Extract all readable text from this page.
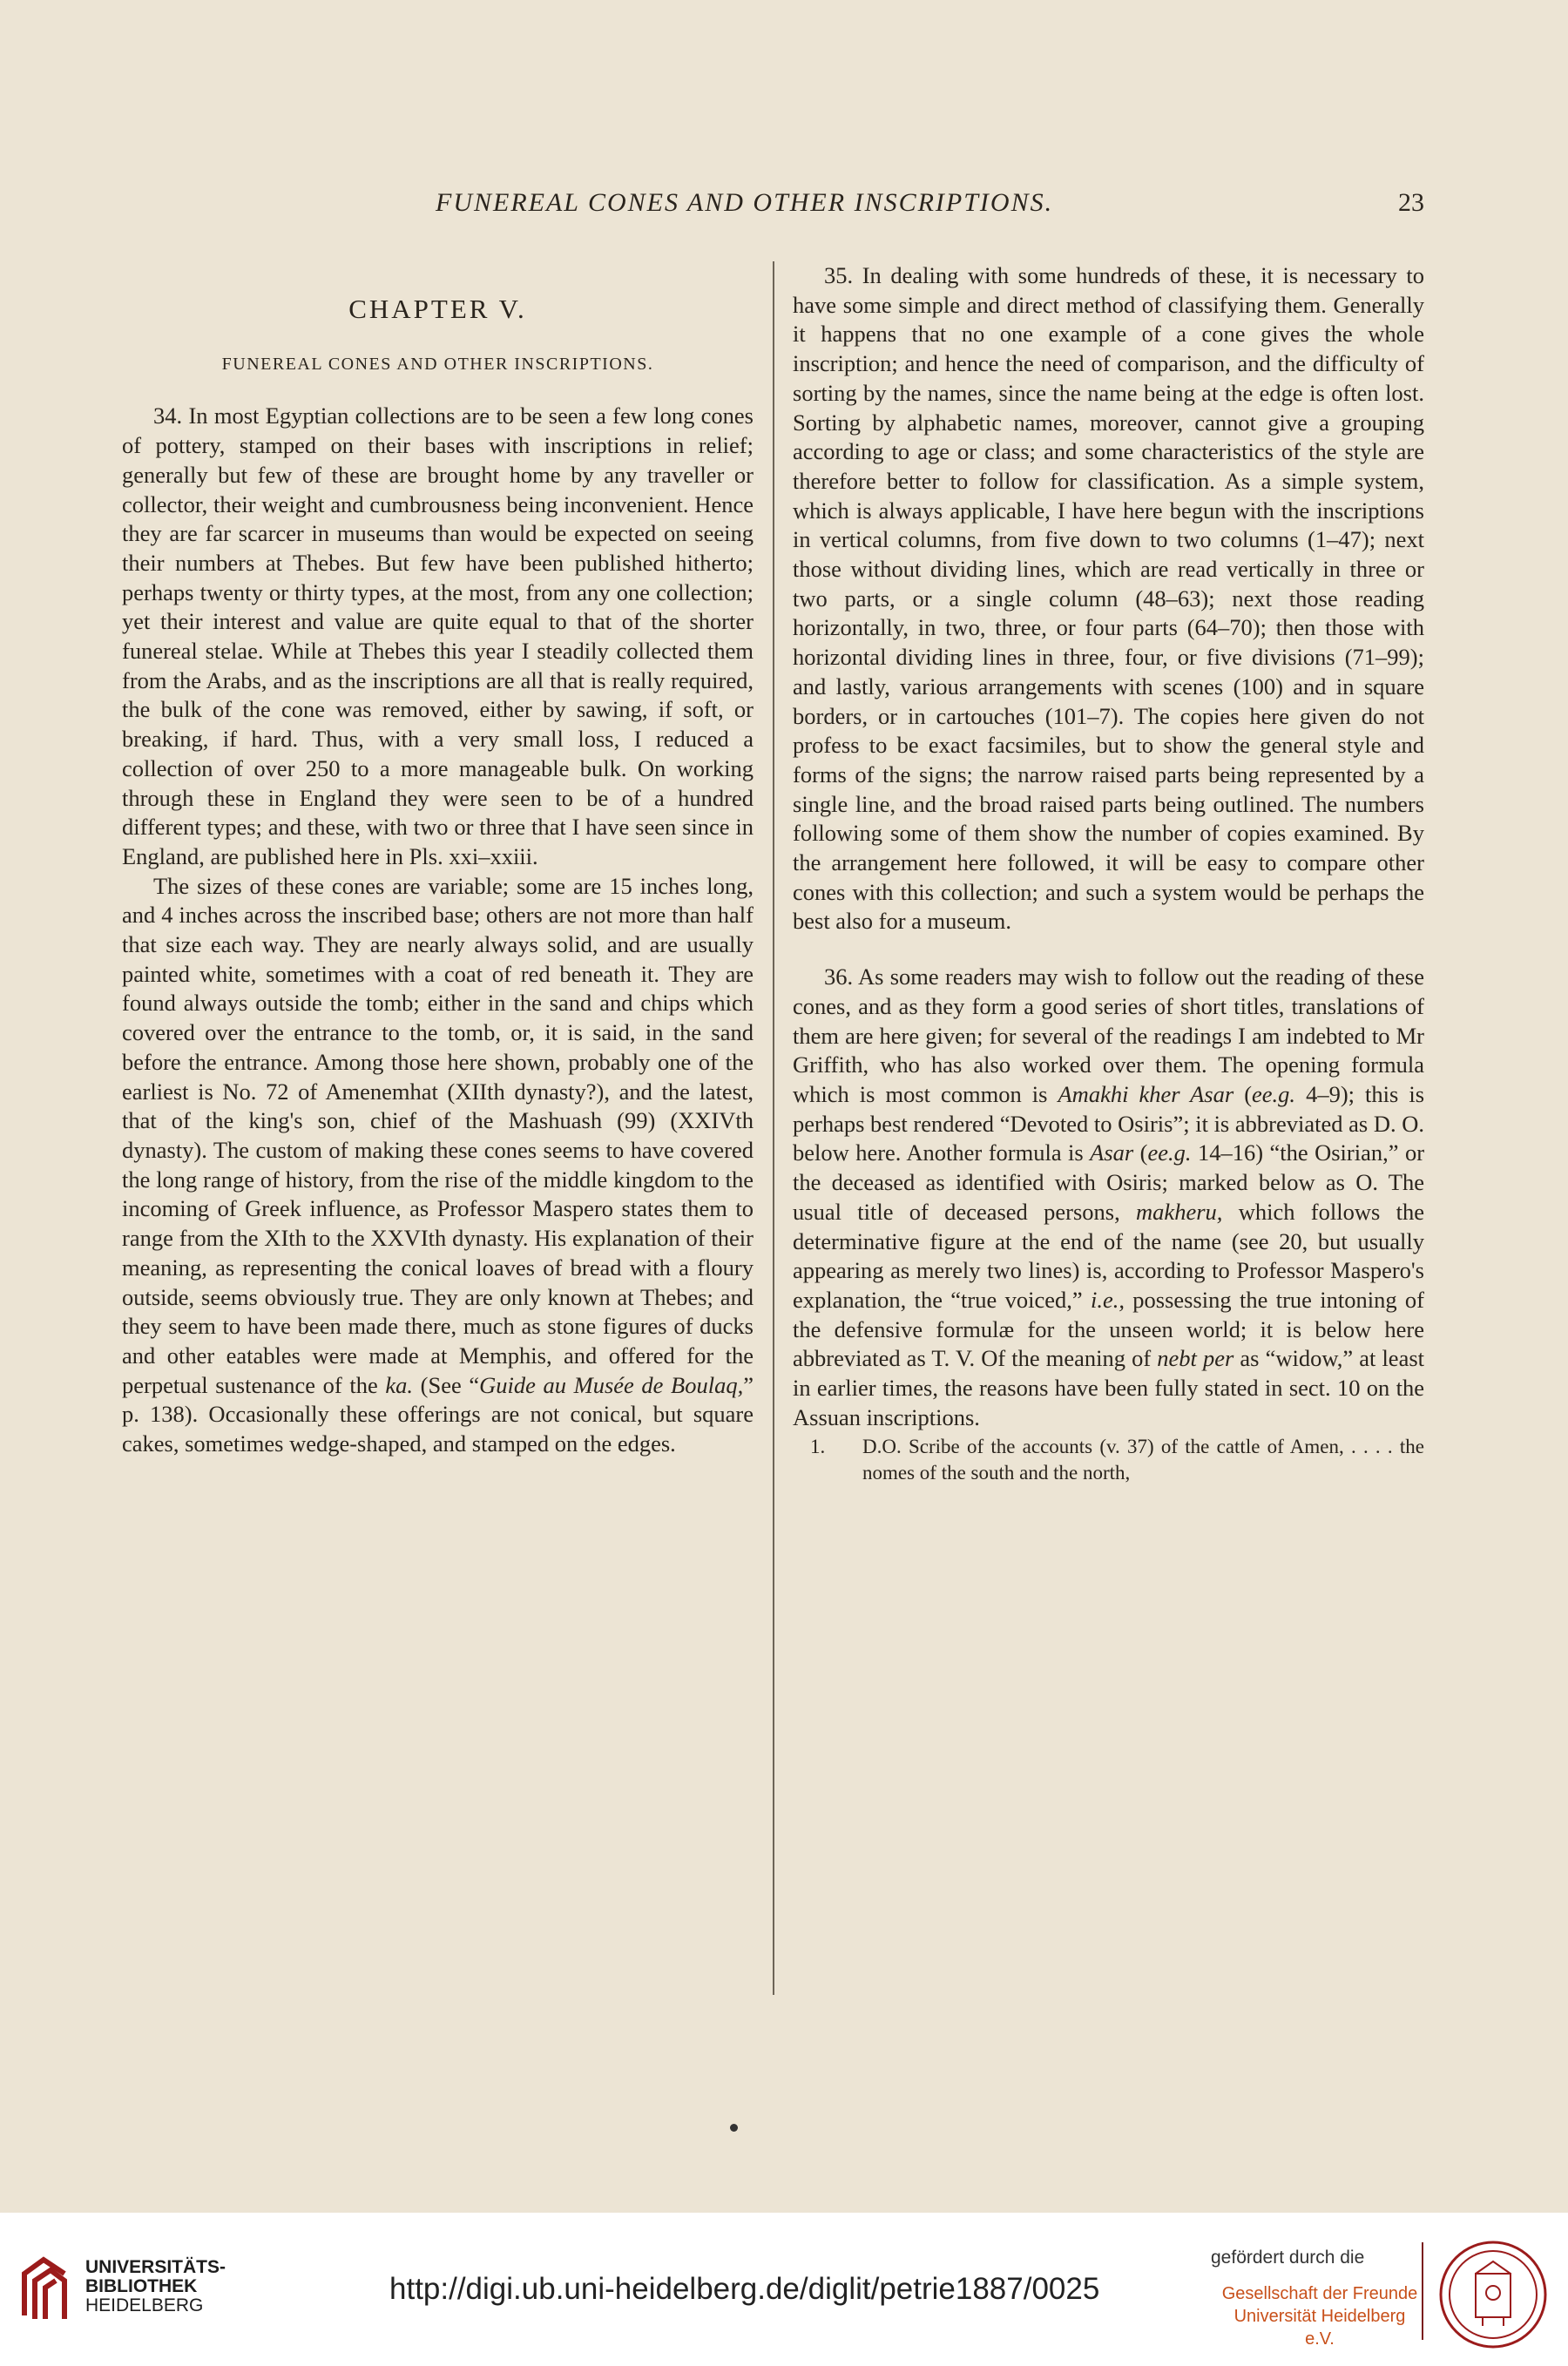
FUNEREAL CONES AND OTHER INSCRIPTIONS.	23
CHAPTER V.
FUNEREAL CONES AND OTHER INSCRIPTIONS.

34. In most Egyptian collections are to be seen a few long cones of pottery, stamped on their bases with inscriptions in relief; generally but few of these are brought home by any traveller or collector, their weight and cumbrousness being inconvenient. Hence they are far scarcer in museums than would be expected on seeing their numbers at Thebes. But few have been published hitherto; perhaps twenty or thirty types, at the most, from any one collection; yet their interest and value are quite equal to that of the shorter funereal stelae. While at Thebes this year I steadily collected them from the Arabs, and as the inscriptions are all that is really required, the bulk of the cone was removed, either by sawing, if soft, or breaking, if hard. Thus, with a very small loss, I reduced a collection of over 250 to a more manageable bulk. On working through these in England they were seen to be of a hundred different types; and these, with two or three that I have seen since in England, are published here in Pls. xxi–xxiii.

The sizes of these cones are variable; some are 15 inches long, and 4 inches across the inscribed base; others are not more than half that size each way. They are nearly always solid, and are usually painted white, sometimes with a coat of red beneath it. They are found always outside the tomb; either in the sand and chips which covered over the entrance to the tomb, or, it is said, in the sand before the entrance. Among those here shown, probably one of the earliest is No. 72 of Amenemhat (XIIth dynasty?), and the latest, that of the king's son, chief of the Mashuash (99) (XXIVth dynasty). The custom of making these cones seems to have covered the long range of history, from the rise of the middle kingdom to the incoming of Greek influence, as Professor Maspero states them to range from the XIth to the XXVIth dynasty. His explanation of their meaning, as representing the conical loaves of bread with a floury outside, seems obviously true. They are only known at Thebes; and they seem to have been made there, much as stone figures of ducks and other eatables were made at Memphis, and offered for the perpetual sustenance of the ka. (See “Guide au Musée de Boulaq,” p. 138). Occasionally these offerings are not conical, but square cakes, sometimes wedge-shaped, and stamped on the edges.

35. In dealing with some hundreds of these, it is necessary to have some simple and direct method of classifying them. Generally it happens that no one example of a cone gives the whole inscription; and hence the need of comparison, and the difficulty of sorting by the names, since the name being at the edge is often lost. Sorting by alphabetic names, moreover, cannot give a grouping according to age or class; and some characteristics of the style are therefore better to follow for classification. As a simple system, which is always applicable, I have here begun with the inscriptions in vertical columns, from five down to two columns (1–47); next those without dividing lines, which are read vertically in three or two parts, or a single column (48–63); next those reading horizontally, in two, three, or four parts (64–70); then those with horizontal dividing lines in three, four, or five divisions (71–99); and lastly, various arrangements with scenes (100) and in square borders, or in cartouches (101–7). The copies here given do not profess to be exact facsimiles, but to show the general style and forms of the signs; the narrow raised parts being represented by a single line, and the broad raised parts being outlined. The numbers following some of them show the number of copies examined. By the arrangement here followed, it will be easy to compare other cones with this collection; and such a system would be perhaps the best also for a museum.

36. As some readers may wish to follow out the reading of these cones, and as they form a good series of short titles, translations of them are here given; for several of the readings I am indebted to Mr Griffith, who has also worked over them. The opening formula which is most common is Amakhi kher Asar (ee.g. 4–9); this is perhaps best rendered “Devoted to Osiris”; it is abbreviated as D. O. below here. Another formula is Asar (ee.g. 14–16) “the Osirian,” or the deceased as identified with Osiris; marked below as O. The usual title of deceased persons, makheru, which follows the determinative figure at the end of the name (see 20, but usually appearing as merely two lines) is, according to Professor Maspero's explanation, the “true voiced,” i.e., possessing the true intoning of the defensive formulæ for the unseen world; it is below here abbreviated as T. V. Of the meaning of nebt per as “widow,” at least in earlier times, the reasons have been fully stated in sect. 10 on the Assuan inscriptions.

1. D.O. Scribe of the accounts (v. 37) of the cattle of Amen, . . . . the nomes of the south and the north,
UNIVERSITÄTS-
BIBLIOTHEK
HEIDELBERG	http://digi.ub.uni-heidelberg.de/diglit/petrie1887/0025
gefördert durch die
Gesellschaft der Freunde
Universität Heidelberg e.V.
